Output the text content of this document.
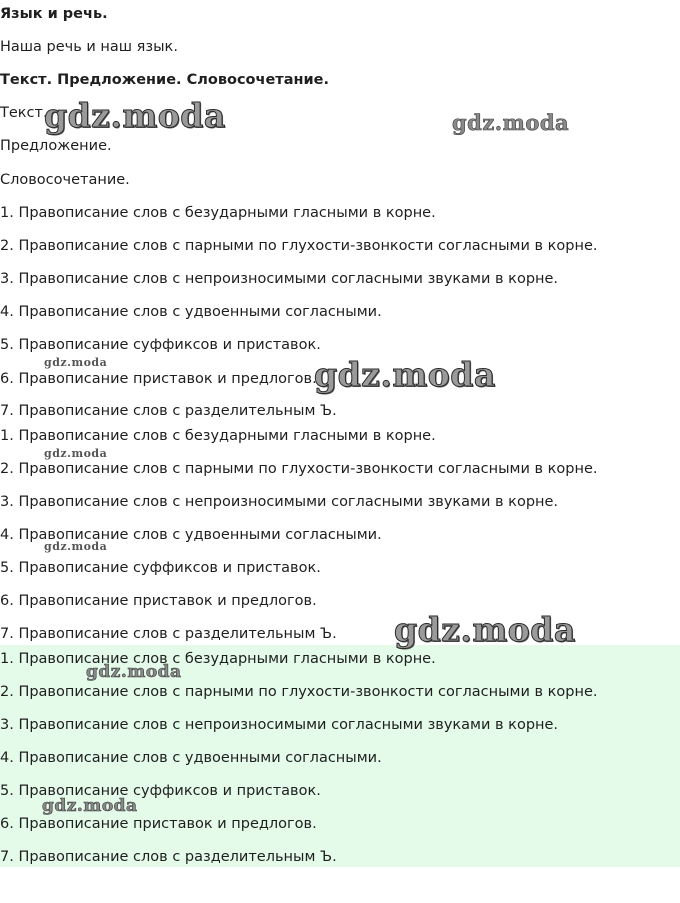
Язык и речь.
Наша речь и наш язык.
Текст. Предложение. Словосочетание.
Текст.
Предложение.
Словосочетание.
1. Правописание слов с безударными гласными в корне.
2. Правописание слов с парными по глухости-звонкости согласными в корне.
3. Правописание слов с непроизносимыми согласными звуками в корне.
4. Правописание слов с удвоенными согласными.
5. Правописание суффиксов и приставок.
6. Правописание приставок и предлогов.
7. Правописание слов с разделительным Ъ.
1. Правописание слов с безударными гласными в корне.
2. Правописание слов с парными по глухости-звонкости согласными в корне.
3. Правописание слов с непроизносимыми согласными звуками в корне.
4. Правописание слов с удвоенными согласными.
5. Правописание суффиксов и приставок.
6. Правописание приставок и предлогов.
7. Правописание слов с разделительным Ъ.
1. Правописание слов с безударными гласными в корне.
2. Правописание слов с парными по глухости-звонкости согласными в корне.
3. Правописание слов с непроизносимыми согласными звуками в корне.
4. Правописание слов с удвоенными согласными.
5. Правописание суффиксов и приставок.
6. Правописание приставок и предлогов.
7. Правописание слов с разделительным Ъ.
gdz.moda	gdz.moda
gdz.moda	gdz.moda
gdz.moda
gdz.moda
gdz.moda
gdz.moda
gdz.moda
